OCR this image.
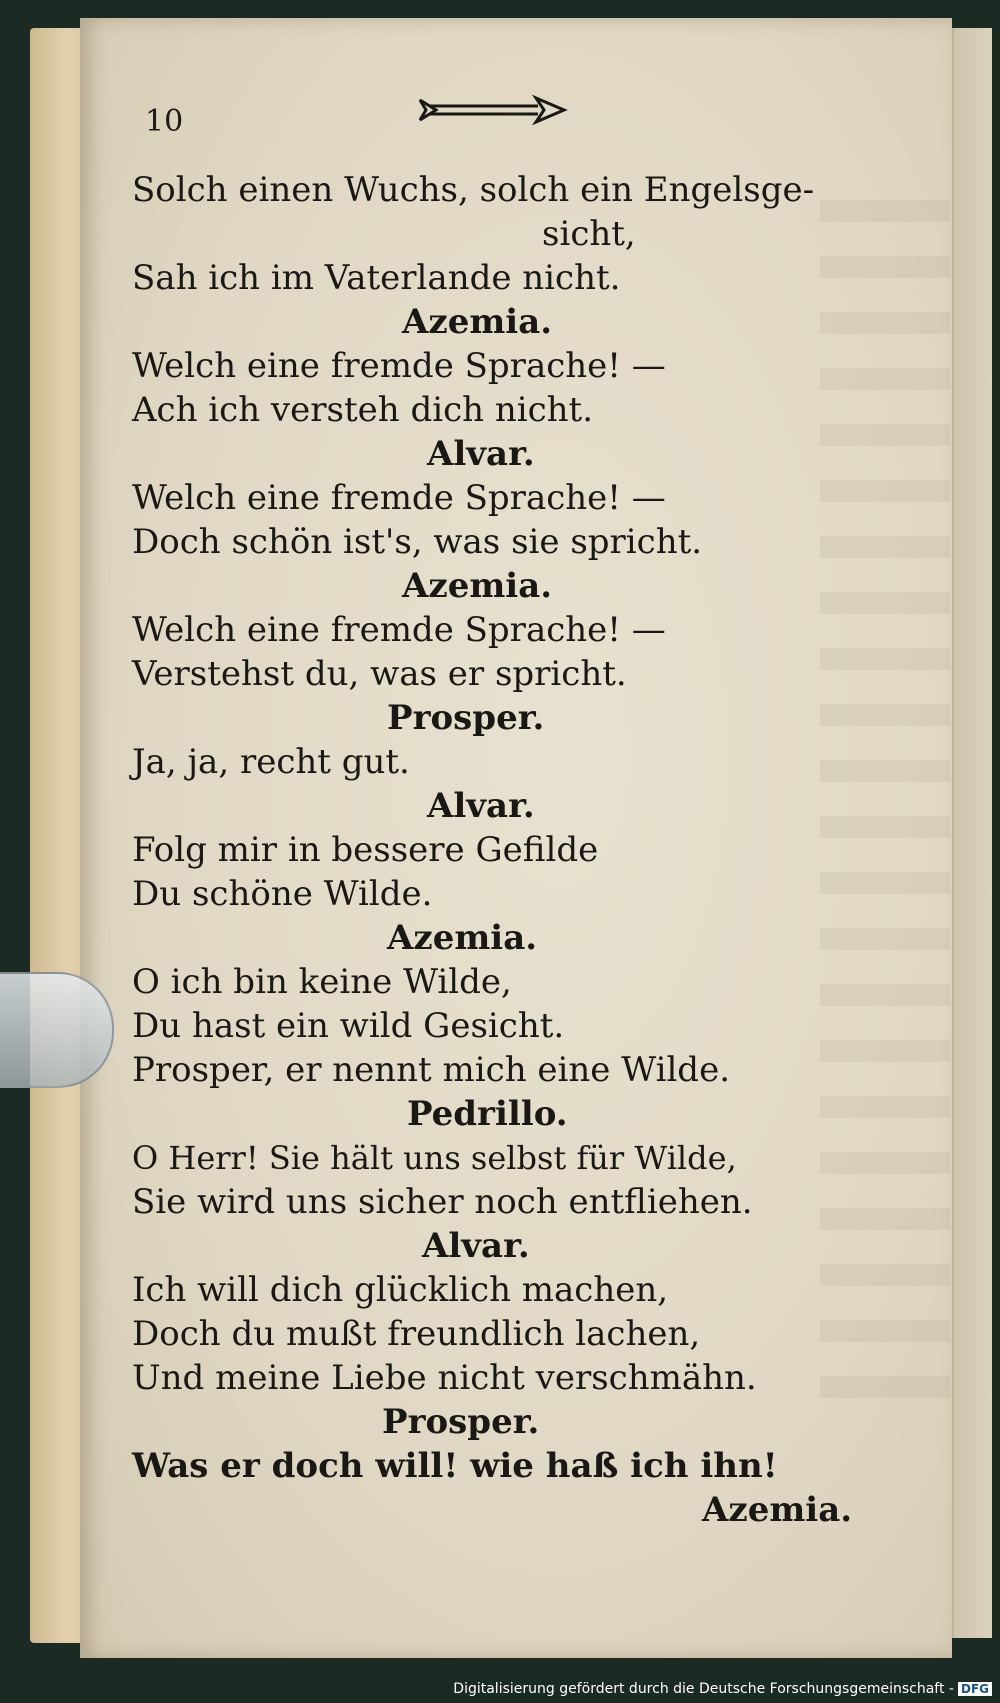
10
Solch einen Wuchs, solch ein Engelsge-
sicht,
Sah ich im Vaterlande nicht.
Azemia.
Welch eine fremde Sprache! —
Ach ich versteh dich nicht.
Alvar.
Welch eine fremde Sprache! —
Doch schön ist's, was sie spricht.
Azemia.
Welch eine fremde Sprache! —
Verstehst du, was er spricht.
Prosper.
Ja, ja, recht gut.
Alvar.
Folg mir in bessere Gefilde
Du schöne Wilde.
Azemia.
O ich bin keine Wilde,
Du hast ein wild Gesicht.
Prosper, er nennt mich eine Wilde.
Pedrillo.
O Herr! Sie hält uns selbst für Wilde,
Sie wird uns sicher noch entfliehen.
Alvar.
Ich will dich glücklich machen,
Doch du mußt freundlich lachen,
Und meine Liebe nicht verschmähn.
Prosper.
Was er doch will! wie haß ich ihn!
Azemia.
Digitalisierung gefördert durch die Deutsche Forschungsgemeinschaft - DFG
